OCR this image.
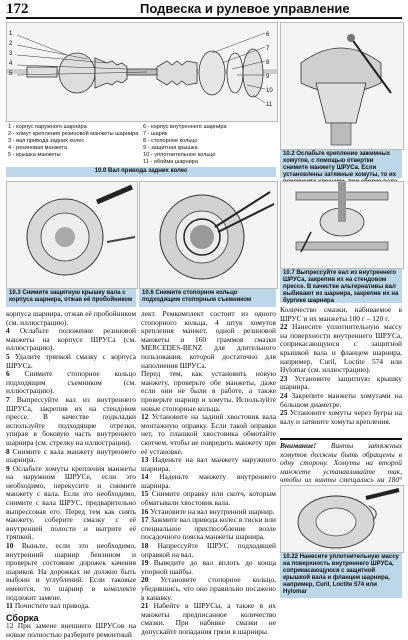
172	Подвеска и рулевое управление
1
2
3
4
5
6
7
8
9
10
11
1 - корпус наружного шарнира
2 - хомут крепления резиновой манжеты шарнира
3 - вал привода задних колес
4 - резиновая манжета
5 - крышка манжеты
6 - корпус внутреннего шарнира
7 - шарик
8 - стопорное кольцо
9 - защитная крышка
10 - уплотнительное кольцо
11 - обойма шарнира
10.0 Вал привода задних колес
10.2 Ослабьте крепление зажимных хомутов, с помощью отвертки снимите манжету ШРУСа. Если установлены затяжные хомуты, то их
10.3 Снимите защитную крышку вала с корпуса шарнира, отжав её пробойником
10.6 Снимите стопорное кольцо подходящим стопорным съемником
10.7 Выпрессуйте вал из внутреннего ШРУСа, закрепив их на стендовом прессе. В качестве альтернативы вал выбивают из шарнира, закрепив их на бургике шарнира

корпуса шарнира, отжав её пробойником (см. иллюстрацию).

4 Ослабьте положение резиновой манжеты на корпусе ШРУСа (см. иллюстрацию).

5 Удалите тряпкой смазку с корпуса ШРУСа.

6 Снимите стопорное кольцо подходящим съемником (см. иллюстрацию).

7 Выпрессуйте вал из внутреннего ШРУСа, закрепив их на стендовом прессе. В качестве подкладки используйте подходящие отрезки, упирая в боковую часть внутреннего шарнира (см. стрелку на иллюстрации).

8 Снимите с вала манжету внутреннего шарнира.

9 Ослабьте хомуты крепления манжеты на наружном ШРУСе, если это необходимо, перекусите и снимите манжету с вала. Если это необходимо, снимите с вала ШРУС, предварительно выпрессовав его. Перед тем как снять манжету, соберите смазку с её внутренней полости и вытрите её тряпкой.

10 Выньте, если это необходимо, внутренний шарнир бензином и проверьте состояние дорожек качения шариков. На дорожках не должно быть выбоин и углублений. Если таковые имеются, то шарнир в комплекте подлежит замене.

11 Почистите вал привода.

Сборка

12 При замене внешнего ШРУСов на новые полностью разберите ремонтный

лект. Ремкомплект состоит из одного стопорного кольца, 4 штук хомутов крепления манжет, одной резиновой манжеты и 160 граммов смазки MERCEDES-BENZ для длительного пользования, которой достаточно для наполнения ШРУСа.

Перед тем, как установить новую манжету, проверьте обе манжеты, даже если они не были в работе, а также проверьте шарнир и хомуты. Используйте новые стопорные кольца.

12 Установите на задний хвостовик вала монтажную оправку. Если такой оправки нет, то плашкой хвостовика обмотайте скотчем, чтобы не повредить манжету при её установке.

13 Наденьте на вал манжету наружного шарнира.

14 Наденьте манжету внутреннего шарнира.

15 Снимите оправку или скотч, которым обматывали хвостовик вала.

16 Установите на вал внутренний шарнир.

17 Зажмите вал привода колес в тиски или специальное приспособление возле посадочного пояска манжеты шарнира.

18 Напрессуйте ШРУС подходящей оправкой на вал.

19 Выведите до вал вплоть до конца упорной шайбы.

20 Установите стопорное кольцо, убедившись, что оно правильно посажено в канавку.

21 Набейте в ШРУСы, а также в их манжеты предписанное количество смазки. При набивке смазки не допускайте попадания грязи в шарниры.

Количество смазки, набиваемое в ШРУС и их манжеты 100 г – 120 г.

22 Нанесите уплотнительную массу на поверхности внутреннего ШРУСа, соприкасающуюся с защитной крышкой вала и фланцем шарнира, например, Curil, Loctite 574 или Hylomar (см. иллюстрацию).

23 Установите защитную крышку шарнира.

24 Закрепите манжеты хомутами на большом диаметре.

25 Установите хомуты через бугры на валу и затяните хомуты крепления.

Внимание! Винты затяжных хомутов должны быть обращены в одну сторону. Хомуты на второй манжете устанавливайте так, чтобы их винты смещались на 180°
10.22 Нанесите уплотнительную массу на поверхность внутреннего ШРУСа, соприкасающуюся с защитной крышкой вала и фланцем шарнира, например, Curil, Loctite 574 или Hylomar
